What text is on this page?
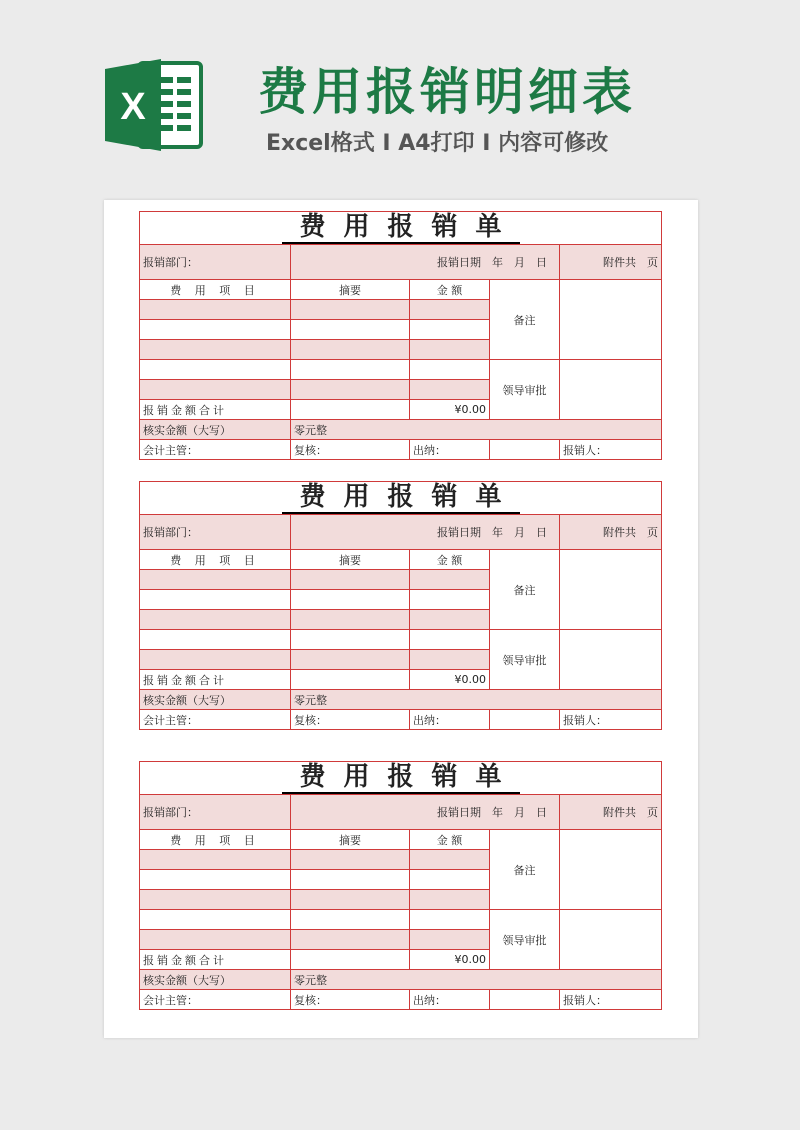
X 费用报销明细表
Excel格式 I A4打印 I 内容可修改
费用报销单				
报销部门：	报销日期　年　月　日			附件共　页
费 用 项 目	摘要	金 额	备注	

			领导审批	

报销金额合计		¥0.00		
核实金额（大写）	零元整			
会计主管：	复核：	出纳：		报销人：
费用报销单				
报销部门：	报销日期　年　月　日			附件共　页
费 用 项 目	摘要	金 额	备注	

			领导审批	

报销金额合计		¥0.00		
核实金额（大写）	零元整			
会计主管：	复核：	出纳：		报销人：
费用报销单				
报销部门：	报销日期　年　月　日			附件共　页
费 用 项 目	摘要	金 额	备注	

			领导审批	

报销金额合计		¥0.00		
核实金额（大写）	零元整			
会计主管：	复核：	出纳：		报销人：
